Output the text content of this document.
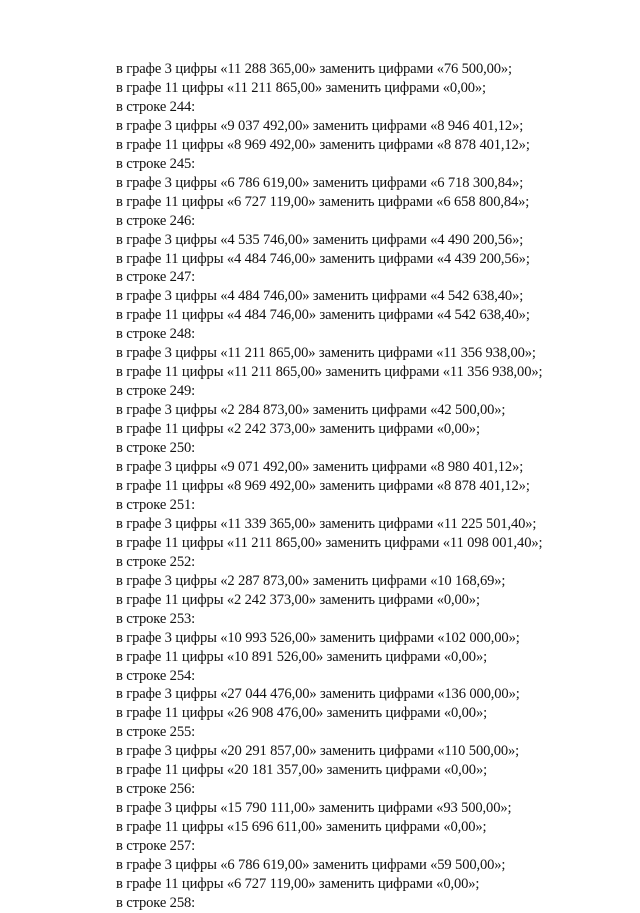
в графе 3 цифры «11 288 365,00» заменить цифрами «76 500,00»;
в графе 11 цифры «11 211 865,00» заменить цифрами «0,00»;
в строке 244:
в графе 3 цифры «9 037 492,00» заменить цифрами «8 946 401,12»;
в графе 11 цифры «8 969 492,00» заменить цифрами «8 878 401,12»;
в строке 245:
в графе 3 цифры «6 786 619,00» заменить цифрами «6 718 300,84»;
в графе 11 цифры «6 727 119,00» заменить цифрами «6 658 800,84»;
в строке 246:
в графе 3 цифры «4 535 746,00» заменить цифрами «4 490 200,56»;
в графе 11 цифры «4 484 746,00» заменить цифрами «4 439 200,56»;
в строке 247:
в графе 3 цифры «4 484 746,00» заменить цифрами «4 542 638,40»;
в графе 11 цифры «4 484 746,00» заменить цифрами «4 542 638,40»;
в строке 248:
в графе 3 цифры «11 211 865,00» заменить цифрами «11 356 938,00»;
в графе 11 цифры «11 211 865,00» заменить цифрами «11 356 938,00»;
в строке 249:
в графе 3 цифры «2 284 873,00» заменить цифрами «42 500,00»;
в графе 11 цифры «2 242 373,00» заменить цифрами «0,00»;
в строке 250:
в графе 3 цифры «9 071 492,00» заменить цифрами «8 980 401,12»;
в графе 11 цифры «8 969 492,00» заменить цифрами «8 878 401,12»;
в строке 251:
в графе 3 цифры «11 339 365,00» заменить цифрами «11 225 501,40»;
в графе 11 цифры «11 211 865,00» заменить цифрами «11 098 001,40»;
в строке 252:
в графе 3 цифры «2 287 873,00» заменить цифрами «10 168,69»;
в графе 11 цифры «2 242 373,00» заменить цифрами «0,00»;
в строке 253:
в графе 3 цифры «10 993 526,00» заменить цифрами «102 000,00»;
в графе 11 цифры «10 891 526,00» заменить цифрами «0,00»;
в строке 254:
в графе 3 цифры «27 044 476,00» заменить цифрами «136 000,00»;
в графе 11 цифры «26 908 476,00» заменить цифрами «0,00»;
в строке 255:
в графе 3 цифры «20 291 857,00» заменить цифрами «110 500,00»;
в графе 11 цифры «20 181 357,00» заменить цифрами «0,00»;
в строке 256:
в графе 3 цифры «15 790 111,00» заменить цифрами «93 500,00»;
в графе 11 цифры «15 696 611,00» заменить цифрами «0,00»;
в строке 257:
в графе 3 цифры «6 786 619,00» заменить цифрами «59 500,00»;
в графе 11 цифры «6 727 119,00» заменить цифрами «0,00»;
в строке 258:
